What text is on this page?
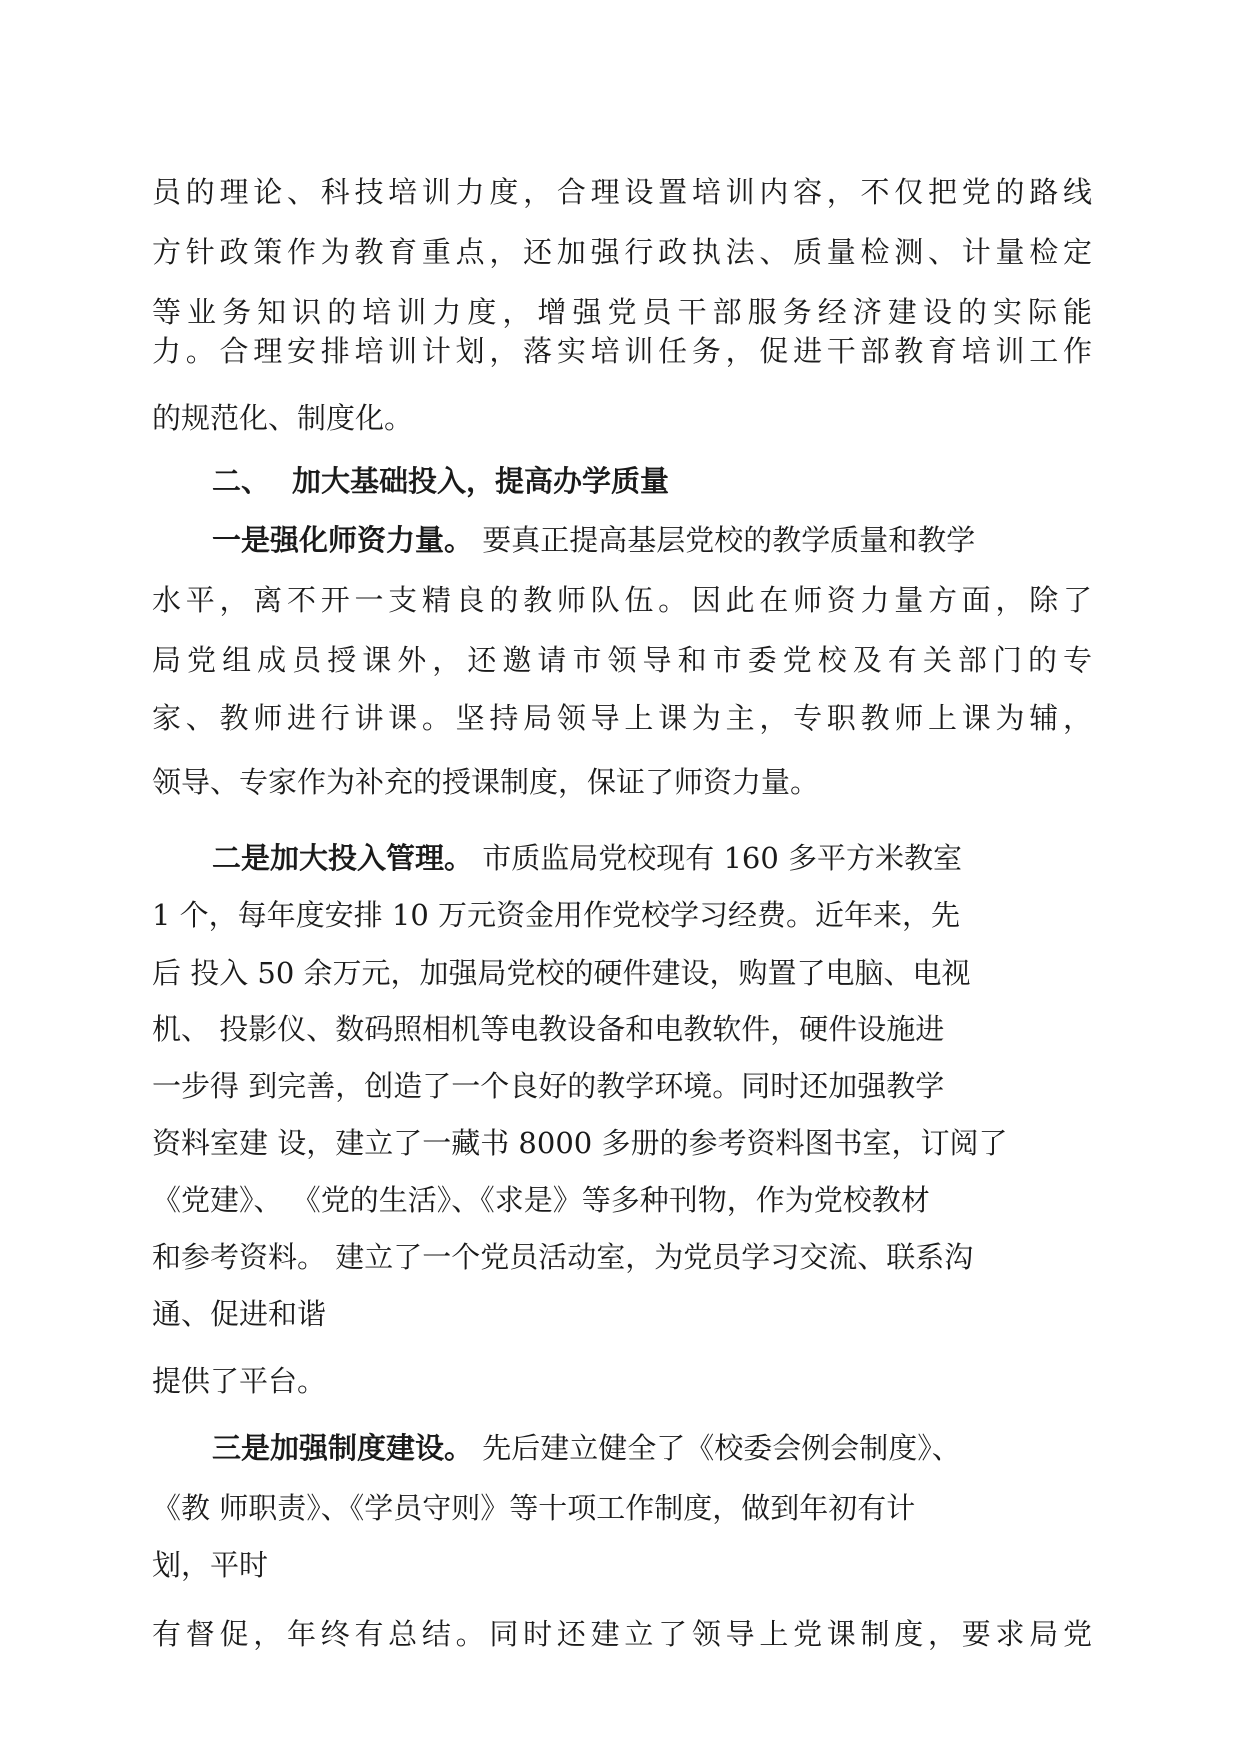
员的理论、科技培训力度，合理设置培训内容，不仅把党的路线
方针政策作为教育重点，还加强行政执法、质量检测、计量检定
等业务知识的培训力度，增强党员干部服务经济建设的实际能
力。合理安排培训计划，落实培训任务，促进干部教育培训工作
的规范化、制度化。
二、 加大基础投入，提高办学质量
一是强化师资力量。 要真正提高基层党校的教学质量和教学
水平，离不开一支精良的教师队伍。因此在师资力量方面，除了
局党组成员授课外，还邀请市领导和市委党校及有关部门的专
家、教师进行讲课。坚持局领导上课为主，专职教师上课为辅，
领导、专家作为补充的授课制度，保证了师资力量。
二是加大投入管理。 市质监局党校现有 160 多平方米教室
1 个，每年度安排 10 万元资金用作党校学习经费。近年来，先
后 投入 50 余万元，加强局党校的硬件建设，购置了电脑、电视
机、 投影仪、数码照相机等电教设备和电教软件，硬件设施进
一步得 到完善，创造了一个良好的教学环境。同时还加强教学
资料室建 设，建立了一藏书 8000 多册的参考资料图书室，订阅了
《党建》、 《党的生活》、《求是》等多种刊物，作为党校教材
和参考资料。 建立了一个党员活动室，为党员学习交流、联系沟
通、促进和谐
提供了平台。
三是加强制度建设。 先后建立健全了《校委会例会制度》、
《教 师职责》、《学员守则》等十项工作制度，做到年初有计
划，平时
有督促，年终有总结。同时还建立了领导上党课制度，要求局党
